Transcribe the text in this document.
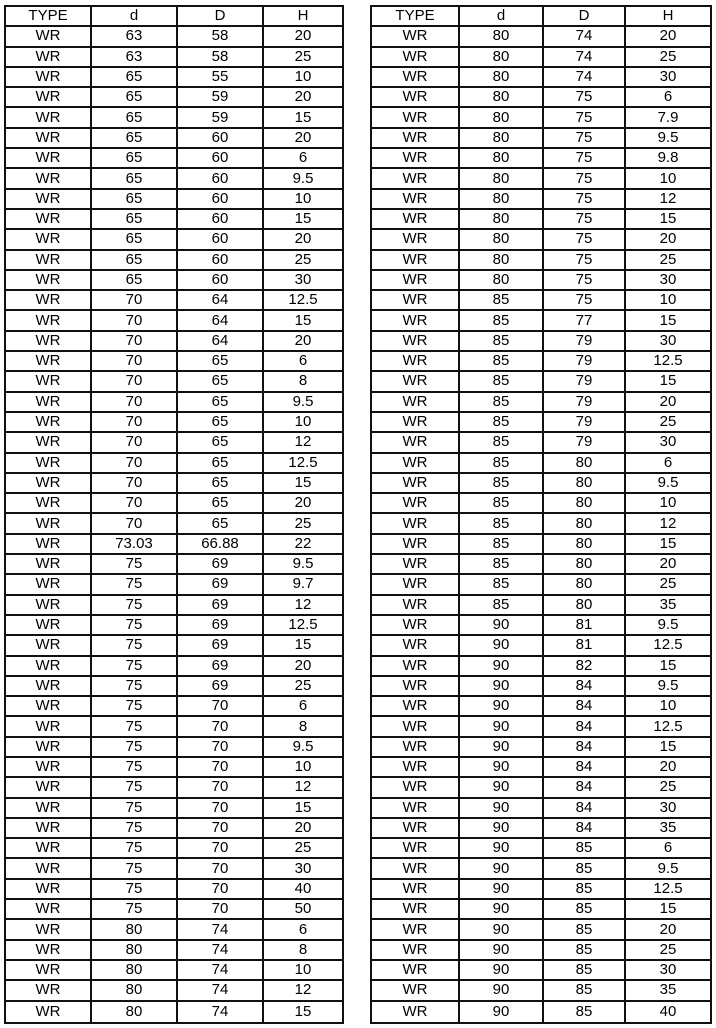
TYPE	d	D	H
WR	63	58	20
WR	63	58	25
WR	65	55	10
WR	65	59	20
WR	65	59	15
WR	65	60	20
WR	65	60	6
WR	65	60	9.5
WR	65	60	10
WR	65	60	15
WR	65	60	20
WR	65	60	25
WR	65	60	30
WR	70	64	12.5
WR	70	64	15
WR	70	64	20
WR	70	65	6
WR	70	65	8
WR	70	65	9.5
WR	70	65	10
WR	70	65	12
WR	70	65	12.5
WR	70	65	15
WR	70	65	20
WR	70	65	25
WR	73.03	66.88	22
WR	75	69	9.5
WR	75	69	9.7
WR	75	69	12
WR	75	69	12.5
WR	75	69	15
WR	75	69	20
WR	75	69	25
WR	75	70	6
WR	75	70	8
WR	75	70	9.5
WR	75	70	10
WR	75	70	12
WR	75	70	15
WR	75	70	20
WR	75	70	25
WR	75	70	30
WR	75	70	40
WR	75	70	50
WR	80	74	6
WR	80	74	8
WR	80	74	10
WR	80	74	12
WR	80	74	15
TYPE	d	D	H
WR	80	74	20
WR	80	74	25
WR	80	74	30
WR	80	75	6
WR	80	75	7.9
WR	80	75	9.5
WR	80	75	9.8
WR	80	75	10
WR	80	75	12
WR	80	75	15
WR	80	75	20
WR	80	75	25
WR	80	75	30
WR	85	75	10
WR	85	77	15
WR	85	79	30
WR	85	79	12.5
WR	85	79	15
WR	85	79	20
WR	85	79	25
WR	85	79	30
WR	85	80	6
WR	85	80	9.5
WR	85	80	10
WR	85	80	12
WR	85	80	15
WR	85	80	20
WR	85	80	25
WR	85	80	35
WR	90	81	9.5
WR	90	81	12.5
WR	90	82	15
WR	90	84	9.5
WR	90	84	10
WR	90	84	12.5
WR	90	84	15
WR	90	84	20
WR	90	84	25
WR	90	84	30
WR	90	84	35
WR	90	85	6
WR	90	85	9.5
WR	90	85	12.5
WR	90	85	15
WR	90	85	20
WR	90	85	25
WR	90	85	30
WR	90	85	35
WR	90	85	40
